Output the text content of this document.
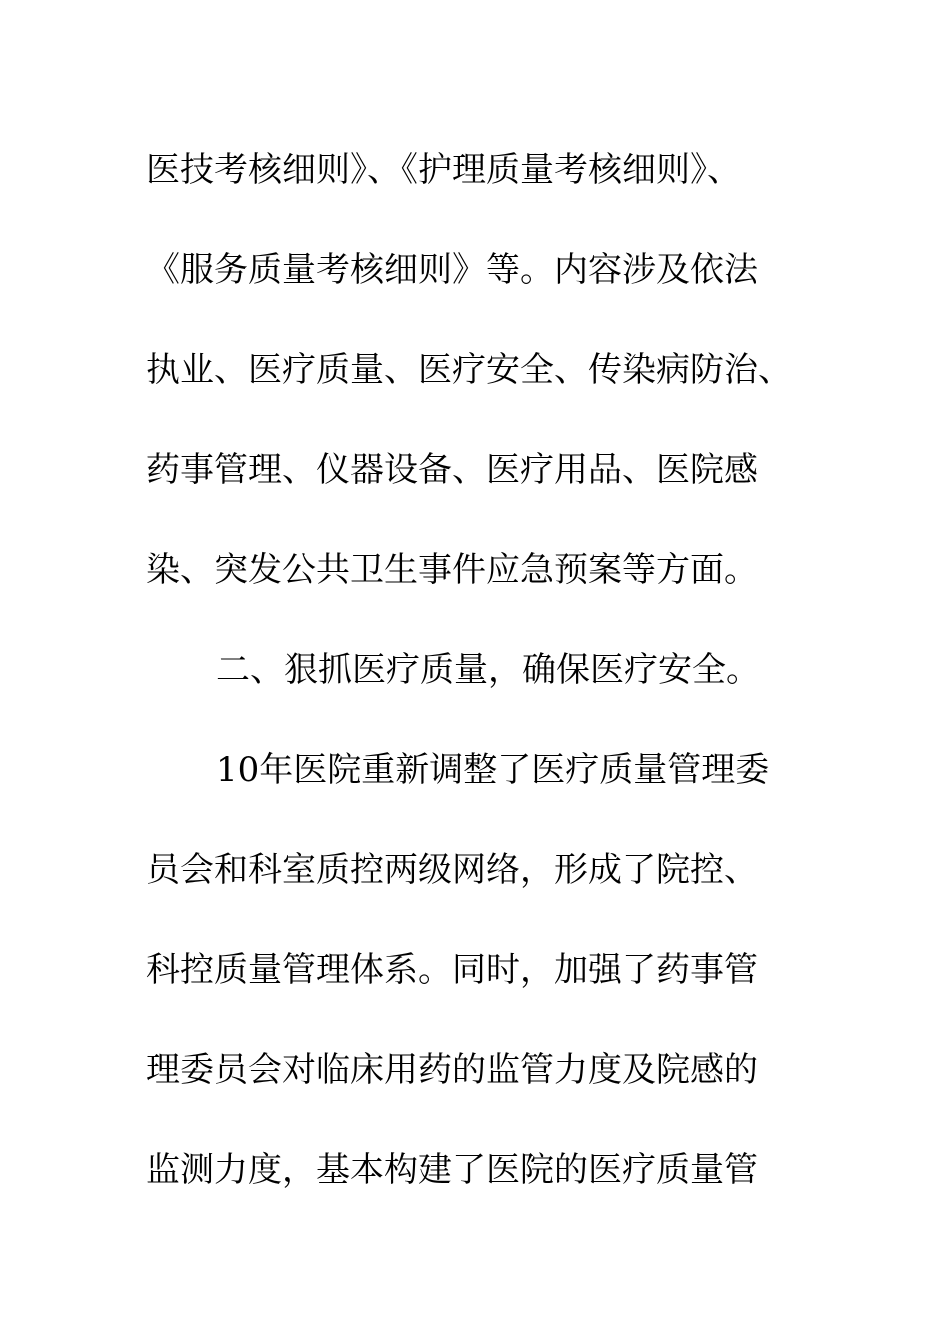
医技考核细则》、《护理质量考核细则》、
《服务质量考核细则》等。内容涉及依法
执业、医疗质量、医疗安全、传染病防治、
药事管理、仪器设备、医疗用品、医院感
染、突发公共卫生事件应急预案等方面。
二、狠抓医疗质量，确保医疗安全。
10年医院重新调整了医疗质量管理委
员会和科室质控两级网络，形成了院控、
科控质量管理体系。同时，加强了药事管
理委员会对临床用药的监管力度及院感的
监测力度，基本构建了医院的医疗质量管
